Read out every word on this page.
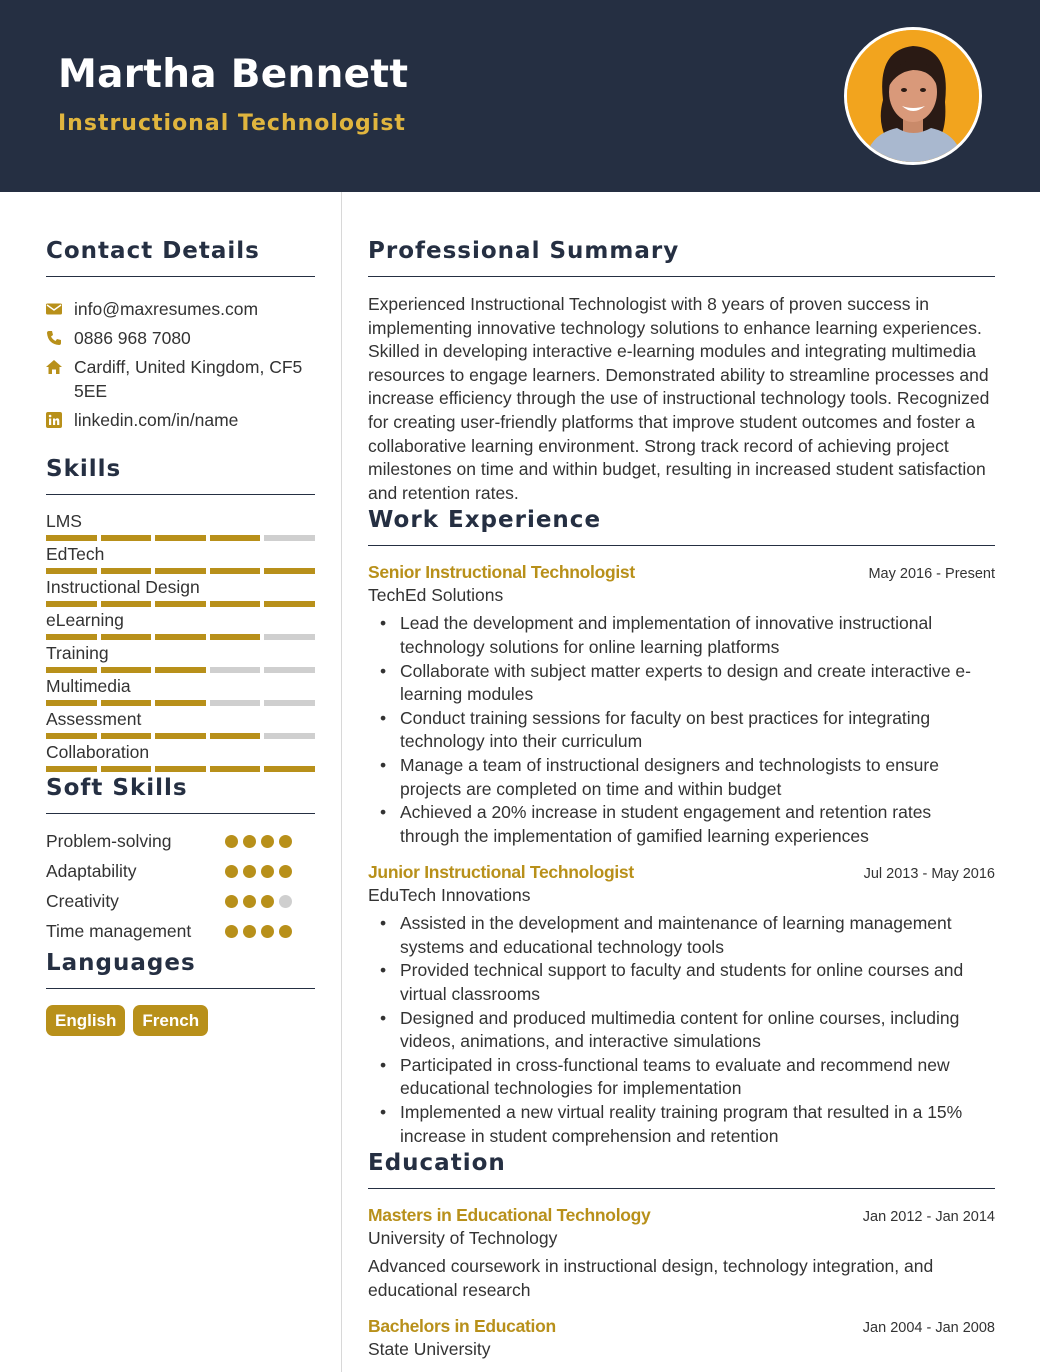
Martha Bennett
Instructional Technologist
Contact Details
info@maxresumes.com
0886 968 7080
Cardiff, United Kingdom, CF5 5EE
linkedin.com/in/name
Skills
LMS
EdTech
Instructional Design
eLearning
Training
Multimedia
Assessment
Collaboration
Soft Skills
Problem-solving
Adaptability
Creativity
Time management
Languages
English	French
Professional Summary

Experienced Instructional Technologist with 8 years of proven success in implementing innovative technology solutions to enhance learning experiences. Skilled in developing interactive e-learning modules and integrating multimedia resources to engage learners. Demonstrated ability to streamline processes and increase efficiency through the use of instructional technology tools. Recognized for creating user-friendly platforms that improve student outcomes and foster a collaborative learning environment. Strong track record of achieving project milestones on time and within budget, resulting in increased student satisfaction and retention rates.

Work Experience
Senior Instructional Technologist	May 2016 - Present
TechEd Solutions
• Lead the development and implementation of innovative instructional technology solutions for online learning platforms
• Collaborate with subject matter experts to design and create interactive e-learning modules
• Conduct training sessions for faculty on best practices for integrating technology into their curriculum
• Manage a team of instructional designers and technologists to ensure projects are completed on time and within budget
• Achieved a 20% increase in student engagement and retention rates through the implementation of gamified learning experiences
Junior Instructional Technologist	Jul 2013 - May 2016
EduTech Innovations
• Assisted in the development and maintenance of learning management systems and educational technology tools
• Provided technical support to faculty and students for online courses and virtual classrooms
• Designed and produced multimedia content for online courses, including videos, animations, and interactive simulations
• Participated in cross-functional teams to evaluate and recommend new educational technologies for implementation
• Implemented a new virtual reality training program that resulted in a 15% increase in student comprehension and retention
Education
Masters in Educational Technology	Jan 2012 - Jan 2014
University of Technology

Advanced coursework in instructional design, technology integration, and educational research

Bachelors in Education	Jan 2004 - Jan 2008
State University
